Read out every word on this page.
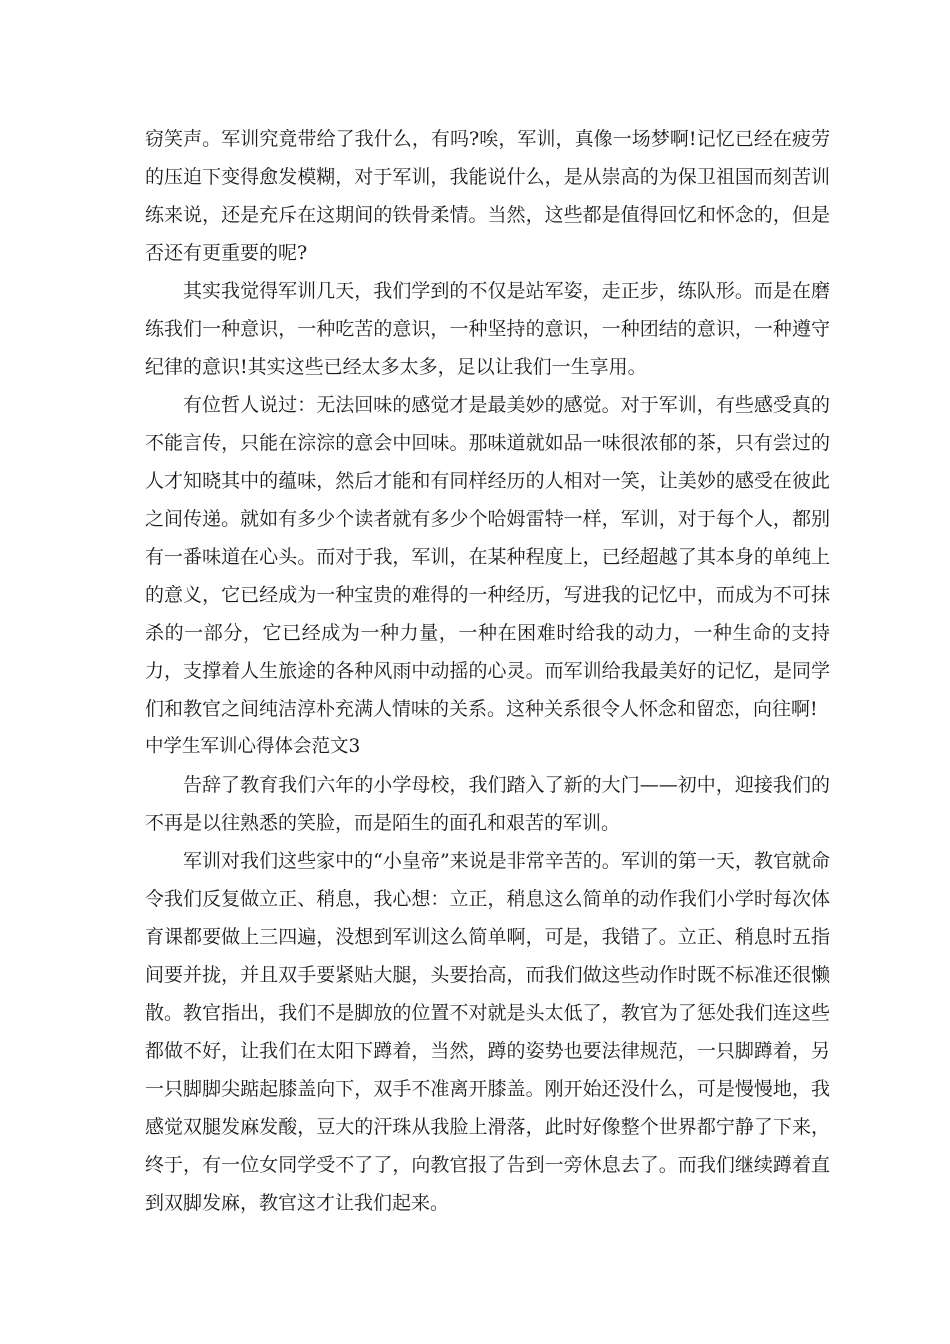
窃笑声。军训究竟带给了我什么，有吗?唉，军训，真像一场梦啊!记忆已经在疲劳的压迫下变得愈发模糊，对于军训，我能说什么，是从崇高的为保卫祖国而刻苦训练来说，还是充斥在这期间的铁骨柔情。当然，这些都是值得回忆和怀念的，但是否还有更重要的呢?

其实我觉得军训几天，我们学到的不仅是站军姿，走正步，练队形。而是在磨练我们一种意识，一种吃苦的意识，一种坚持的意识，一种团结的意识，一种遵守纪律的意识!其实这些已经太多太多，足以让我们一生享用。

有位哲人说过：无法回味的感觉才是最美妙的感觉。对于军训，有些感受真的不能言传，只能在淙淙的意会中回味。那味道就如品一味很浓郁的茶，只有尝过的人才知晓其中的蕴味，然后才能和有同样经历的人相对一笑，让美妙的感受在彼此之间传递。就如有多少个读者就有多少个哈姆雷特一样，军训，对于每个人，都别有一番味道在心头。而对于我，军训，在某种程度上，已经超越了其本身的单纯上的意义，它已经成为一种宝贵的难得的一种经历，写进我的记忆中，而成为不可抹杀的一部分，它已经成为一种力量，一种在困难时给我的动力，一种生命的支持力，支撑着人生旅途的各种风雨中动摇的心灵。而军训给我最美好的记忆，是同学们和教官之间纯洁淳朴充满人情味的关系。这种关系很令人怀念和留恋，向往啊!

中学生军训心得体会范文3

告辞了教育我们六年的小学母校，我们踏入了新的大门——初中，迎接我们的不再是以往熟悉的笑脸，而是陌生的面孔和艰苦的军训。

军训对我们这些家中的“小皇帝”来说是非常辛苦的。军训的第一天，教官就命令我们反复做立正、稍息，我心想：立正，稍息这么简单的动作我们小学时每次体育课都要做上三四遍，没想到军训这么简单啊，可是，我错了。立正、稍息时五指间要并拢，并且双手要紧贴大腿，头要抬高，而我们做这些动作时既不标准还很懒散。教官指出，我们不是脚放的位置不对就是头太低了，教官为了惩处我们连这些都做不好，让我们在太阳下蹲着，当然，蹲的姿势也要法律规范，一只脚蹲着，另一只脚脚尖踮起膝盖向下，双手不准离开膝盖。刚开始还没什么，可是慢慢地，我感觉双腿发麻发酸，豆大的汗珠从我脸上滑落，此时好像整个世界都宁静了下来，终于，有一位女同学受不了了，向教官报了告到一旁休息去了。而我们继续蹲着直到双脚发麻，教官这才让我们起来。
